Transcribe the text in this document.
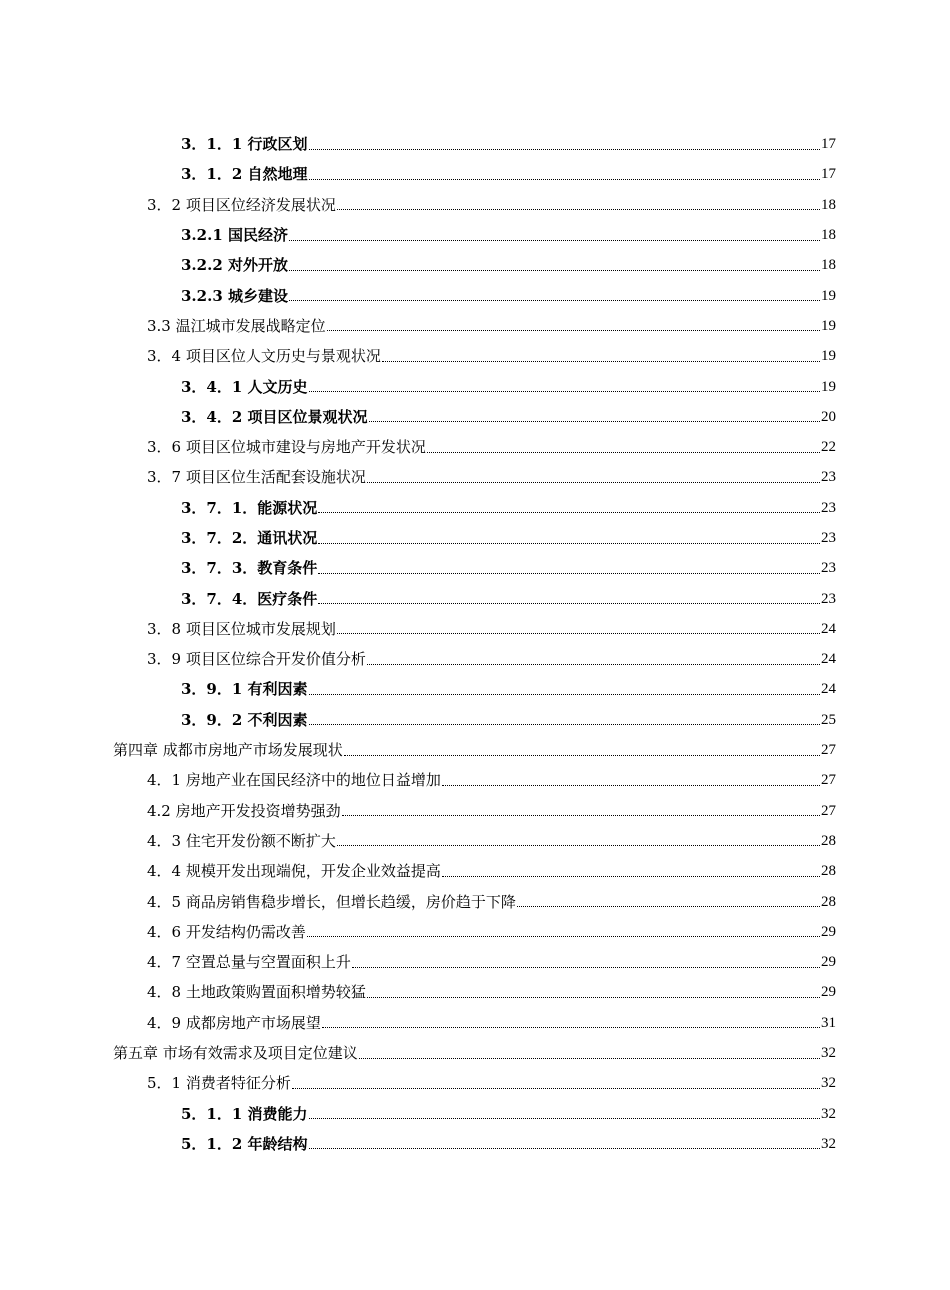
3．1．1 行政区划	17
3．1．2 自然地理	17
3．2 项目区位经济发展状况	18
3.2.1 国民经济	18
3.2.2 对外开放	18
3.2.3 城乡建设	19
3.3 温江城市发展战略定位	19
3．4 项目区位人文历史与景观状况	19
3．4．1 人文历史	19
3．4．2 项目区位景观状况	20
3．6 项目区位城市建设与房地产开发状况	22
3．7 项目区位生活配套设施状况	23
3．7．1．能源状况	23
3．7．2．通讯状况	23
3．7．3．教育条件	23
3．7．4．医疗条件	23
3．8 项目区位城市发展规划	24
3．9 项目区位综合开发价值分析	24
3．9．1 有利因素	24
3．9．2 不利因素	25
第四章 成都市房地产市场发展现状	27
4．1 房地产业在国民经济中的地位日益增加	27
4.2 房地产开发投资增势强劲	27
4．3 住宅开发份额不断扩大	28
4．4 规模开发出现端倪，开发企业效益提高	28
4．5 商品房销售稳步增长，但增长趋缓，房价趋于下降	28
4．6 开发结构仍需改善	29
4．7 空置总量与空置面积上升	29
4．8 土地政策购置面积增势较猛	29
4．9 成都房地产市场展望	31
第五章 市场有效需求及项目定位建议	32
5．1 消费者特征分析	32
5．1．1 消费能力	32
5．1．2 年龄结构	32
